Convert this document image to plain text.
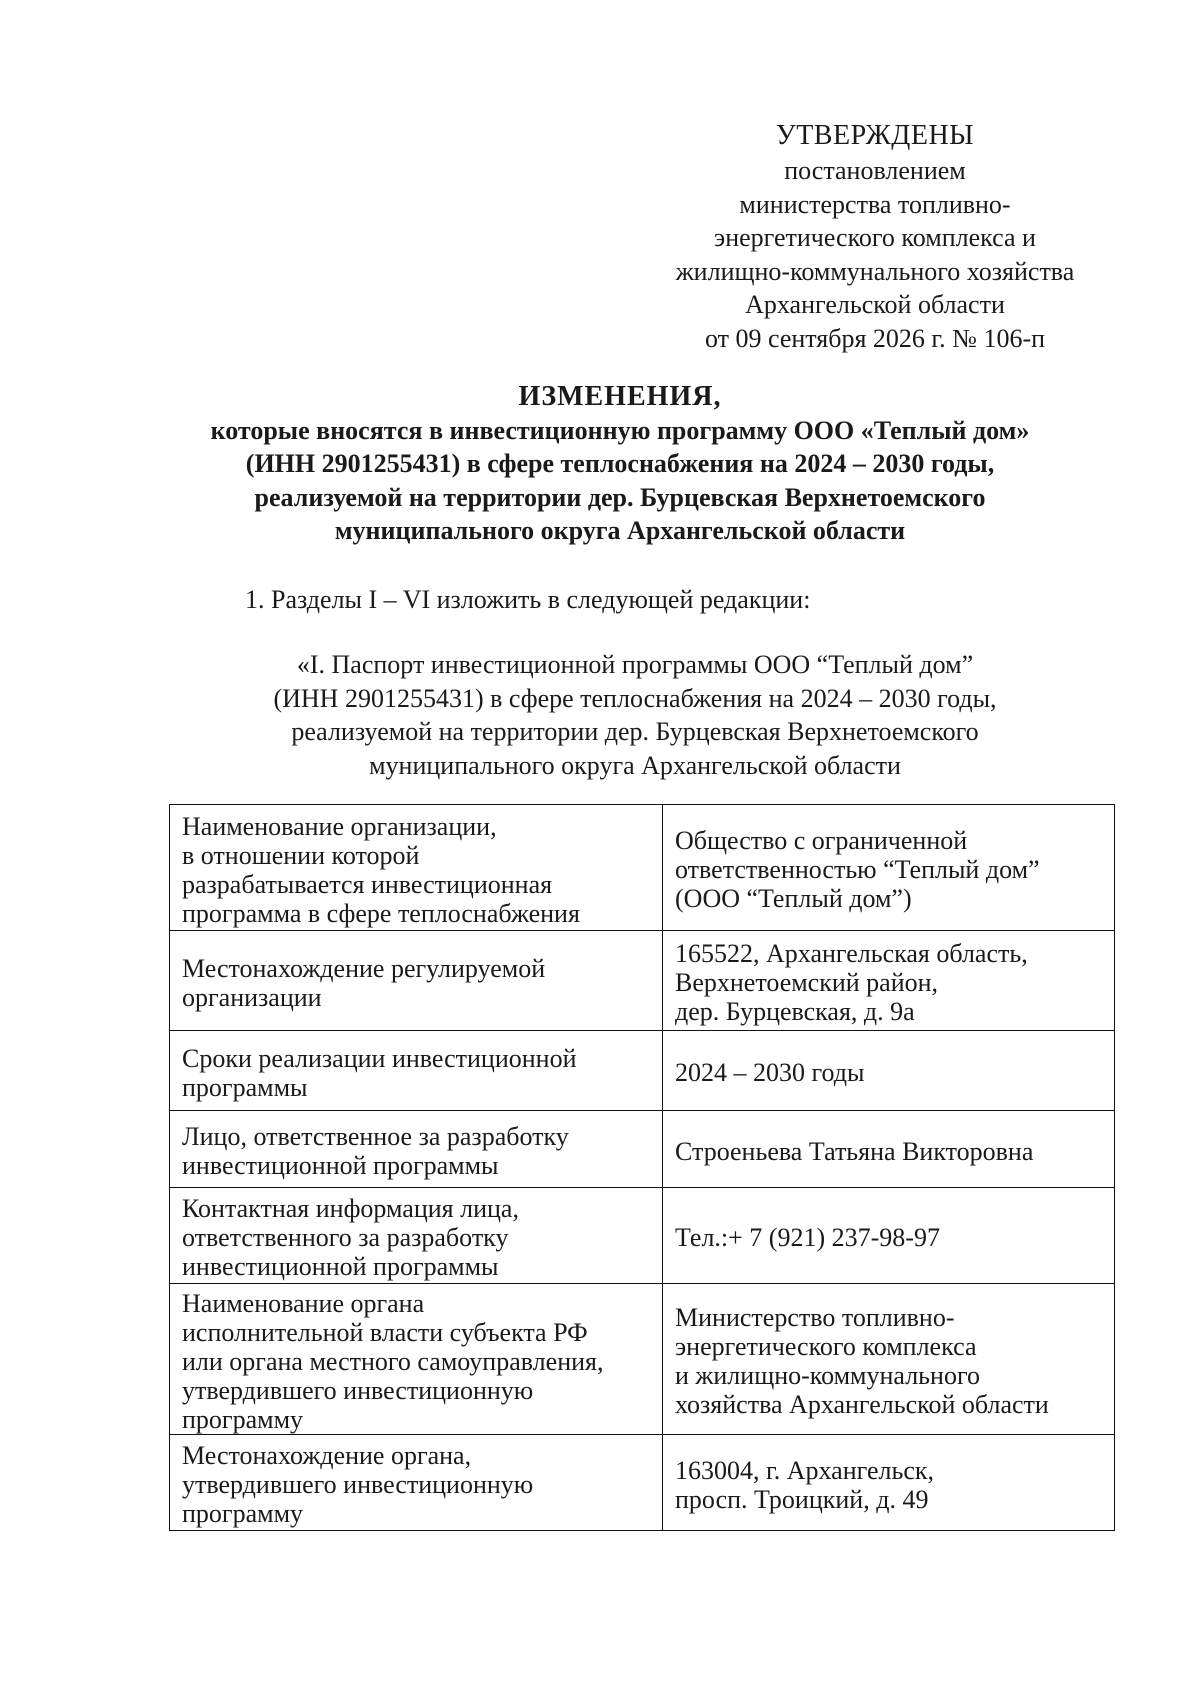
УТВЕРЖДЕНЫ
постановлением
министерства топливно-
энергетического комплекса и
жилищно-коммунального хозяйства
Архангельской области
от 09 сентября 2026 г. № 106-п
ИЗМЕНЕНИЯ,
которые вносятся в инвестиционную программу ООО «Теплый дом»
(ИНН 2901255431) в сфере теплоснабжения на 2024 – 2030 годы,
реализуемой на территории дер. Бурцевская Верхнетоемского
муниципального округа Архангельской области
1. Разделы I – VI изложить в следующей редакции:
«I. Паспорт инвестиционной программы ООО “Теплый дом”
(ИНН 2901255431) в сфере теплоснабжения на 2024 – 2030 годы,
реализуемой на территории дер. Бурцевская Верхнетоемского
муниципального округа Архангельской области
Наименование организации,
в отношении которой
разрабатывается инвестиционная
программа в сфере теплоснабжения	Общество с ограниченной
ответственностью “Теплый дом”
(ООО “Теплый дом”)

Местонахождение регулируемой
организации	165522, Архангельская область,
Верхнетоемский район,
дер. Бурцевская, д. 9а

Сроки реализации инвестиционной
программы	2024 – 2030 годы

Лицо, ответственное за разработку
инвестиционной программы	Строеньева Татьяна Викторовна

Контактная информация лица,
ответственного за разработку
инвестиционной программы	Тел.:+ 7 (921) 237-98-97

Наименование органа
исполнительной власти субъекта РФ
или органа местного самоуправления,
утвердившего инвестиционную
программу	Министерство топливно-
энергетического комплекса
и жилищно-коммунального
хозяйства Архангельской области

Местонахождение органа,
утвердившего инвестиционную
программу	163004, г. Архангельск,
просп. Троицкий, д. 49
